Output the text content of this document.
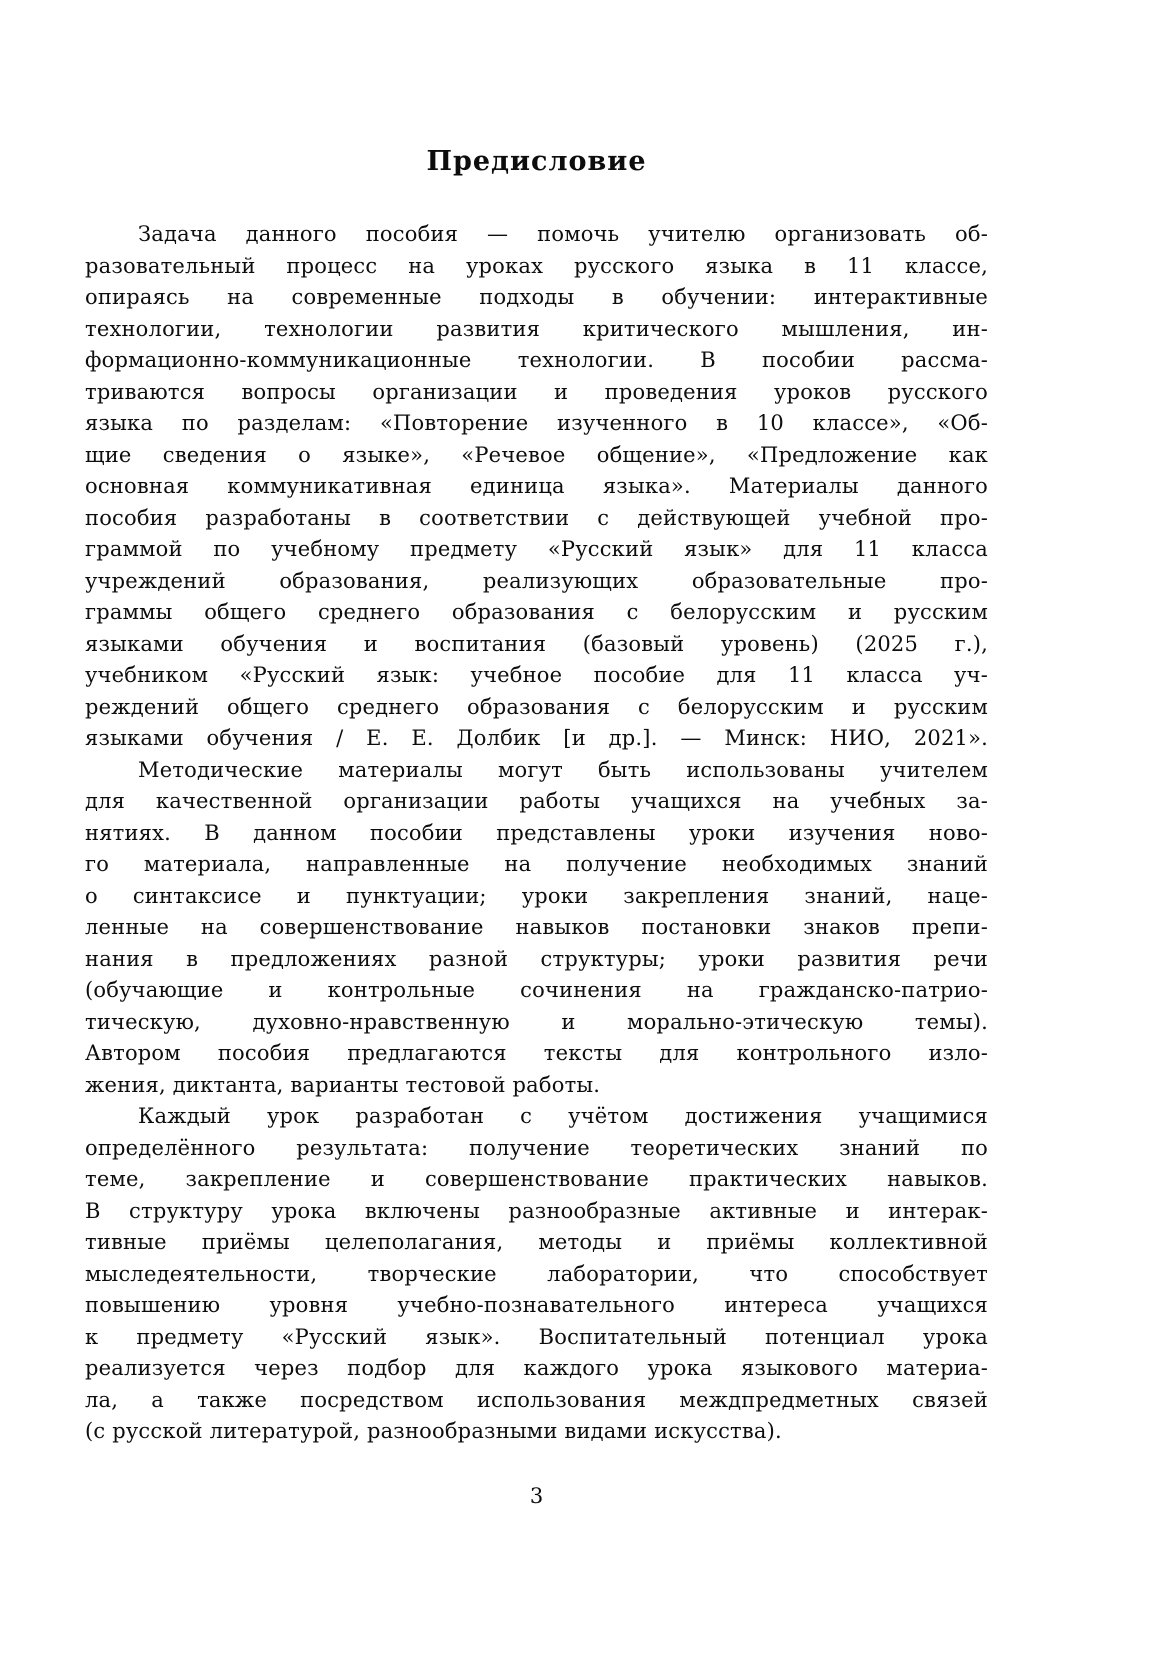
Предисловие
Задача данного пособия — помочь учителю организовать об-
разовательный процесс на уроках русского языка в 11 классе,
опираясь на современные подходы в обучении: интерактивные
технологии, технологии развития критического мышления, ин-
формационно-коммуникационные технологии. В пособии рассма-
триваются вопросы организации и проведения уроков русского
языка по разделам: «Повторение изученного в 10 классе», «Об-
щие сведения о языке», «Речевое общение», «Предложение как
основная коммуникативная единица языка». Материалы данного
пособия разработаны в соответствии с действующей учебной про-
граммой по учебному предмету «Русский язык» для 11 класса
учреждений образования, реализующих образовательные про-
граммы общего среднего образования с белорусским и русским
языками обучения и воспитания (базовый уровень) (2025 г.),
учебником «Русский язык: учебное пособие для 11 класса уч-
реждений общего среднего образования с белорусским и русским
языками обучения / Е. Е. Долбик [и др.]. — Минск: НИО, 2021».
Методические материалы могут быть использованы учителем
для качественной организации работы учащихся на учебных за-
нятиях. В данном пособии представлены уроки изучения ново-
го материала, направленные на получение необходимых знаний
о синтаксисе и пунктуации; уроки закрепления знаний, наце-
ленные на совершенствование навыков постановки знаков препи-
нания в предложениях разной структуры; уроки развития речи
(обучающие и контрольные сочинения на гражданско-патрио-
тическую, духовно-нравственную и морально-этическую темы).
Автором пособия предлагаются тексты для контрольного изло-
жения, диктанта, варианты тестовой работы.
Каждый урок разработан с учётом достижения учащимися
определённого результата: получение теоретических знаний по
теме, закрепление и совершенствование практических навыков.
В структуру урока включены разнообразные активные и интерак-
тивные приёмы целеполагания, методы и приёмы коллективной
мыследеятельности, творческие лаборатории, что способствует
повышению уровня учебно-познавательного интереса учащихся
к предмету «Русский язык». Воспитательный потенциал урока
реализуется через подбор для каждого урока языкового материа-
ла, а также посредством использования междпредметных связей
(с русской литературой, разнообразными видами искусства).
3
